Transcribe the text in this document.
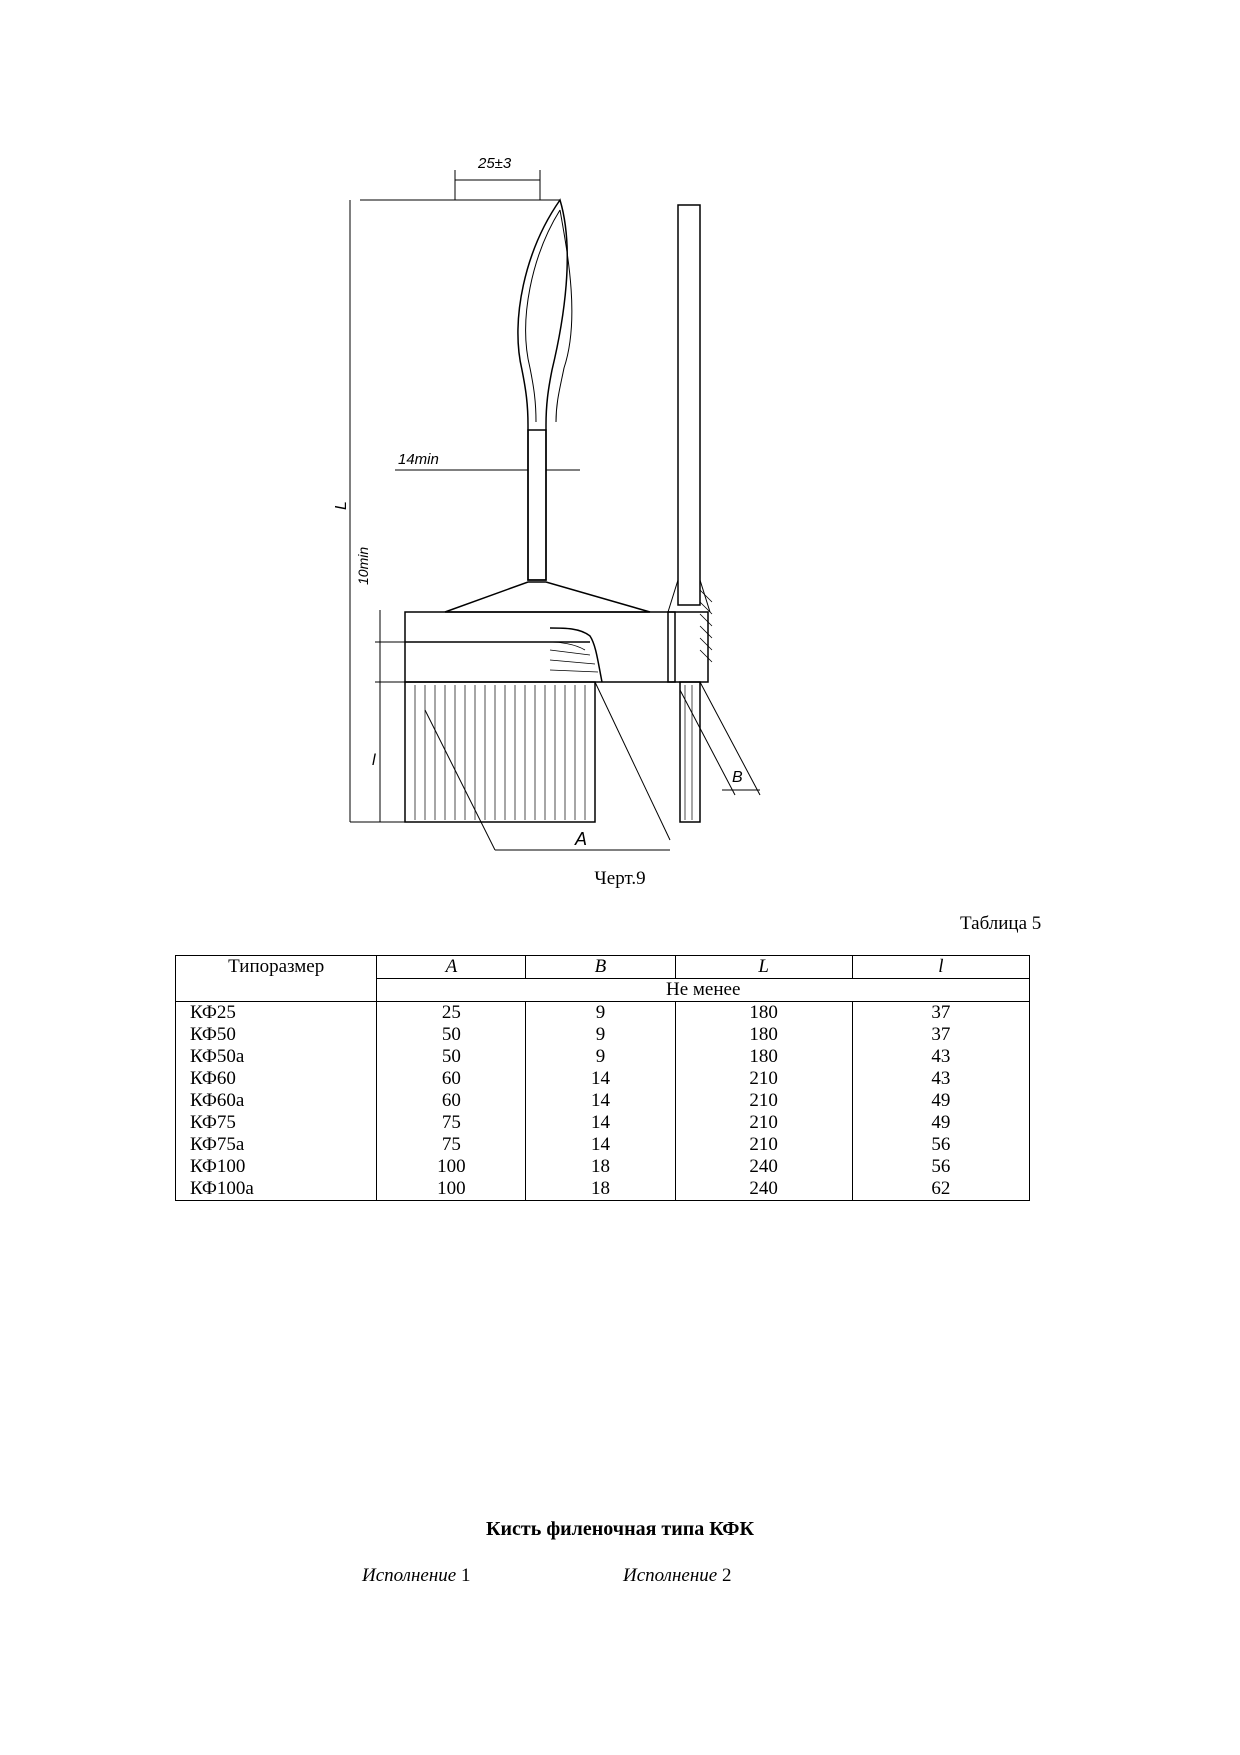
25±3
14min
10min
L
l
A
B
Черт.9
Таблица 5
Типоразмер	A	B	L	l
	Не менее			
КФ25	25	9	180	37
КФ50	50	9	180	37
КФ50а	50	9	180	43
КФ60	60	14	210	43
КФ60а	60	14	210	49
КФ75	75	14	210	49
КФ75а	75	14	210	56
КФ100	100	18	240	56
КФ100а	100	18	240	62
Кисть филеночная типа КФК
Исполнение 1	Исполнение 2
